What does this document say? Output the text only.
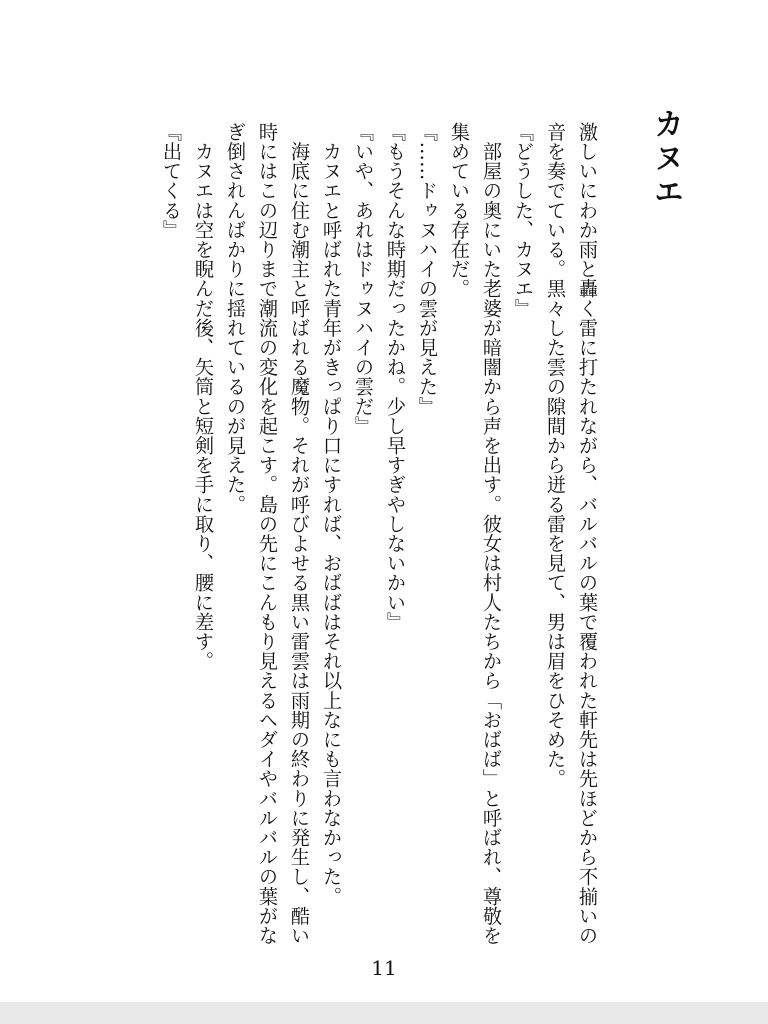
カヌエ

激しいにわか雨と轟く雷に打たれながら、バルバルの葉で覆われた軒先は先ほどから不揃いの音を奏でている。黒々した雲の隙間から迸る雷を見て、男は眉をひそめた。

『どうした、カヌエ』

　部屋の奥にいた老婆が暗闇から声を出す。彼女は村人たちから「おばば」と呼ばれ、尊敬を集めている存在だ。

『……ドゥヌハイの雲が見えた』

『もうそんな時期だったかね。少し早すぎやしないかい』

『いや、あれはドゥヌハイの雲だ』

　カヌエと呼ばれた青年がきっぱり口にすれば、おばばはそれ以上なにも言わなかった。

　海底に住む潮主と呼ばれる魔物。それが呼びよせる黒い雷雲は雨期の終わりに発生し、酷い時にはこの辺りまで潮流の変化を起こす。島の先にこんもり見えるヘダイやバルバルの葉がなぎ倒されんばかりに揺れているのが見えた。

　カヌエは空を睨んだ後、矢筒と短剣を手に取り、腰に差す。

『出てくる』

11
